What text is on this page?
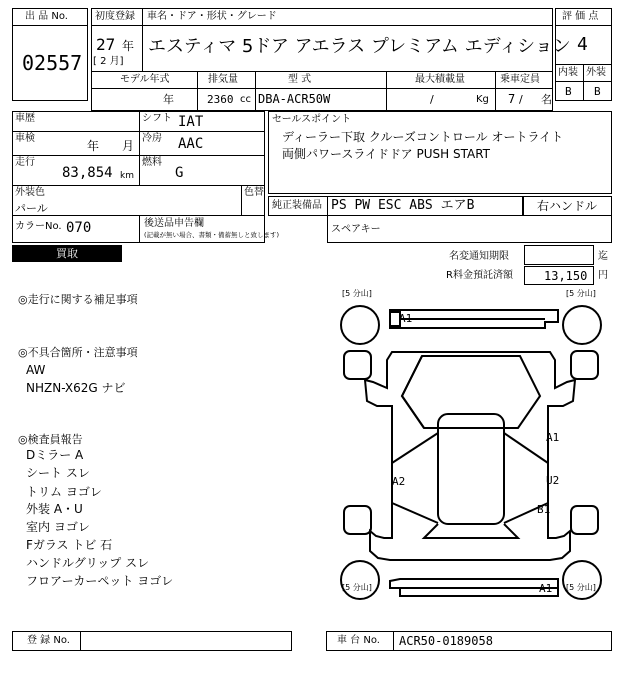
出 品 No.
02557
初度登録 車名・ドア・形状・グレード
27 年
[ 2 月]
エスティマ 5ドア アエラス プレミアム エディション
モデル年式	排気量	型 式	最大積載量	乗車定員
年	2360 cc DBA-ACR50W	/	Kg 7 / 名
評 価 点
4
内装 外装
B B
車歴
車検
年 月
走行
83,854 km
シフト IAT
冷房 AAC
燃料
G
外装色
パール
色替
カラーNo. 070	後送品申告欄
(記載が無い場合、書類・備蓄無しと致します)
セールスポイント
ディーラー下取 クルーズコントロール オートライト
両側パワースライドドア PUSH START
純正装備品 PS PW ESC ABS エアB	右ハンドル
スペアキー
買取	名変通知期限	迄
R料金預託済額	13,150 円
◎走行に関する補足事項
◎不具合箇所・注意事項
AW
NHZN-X62G ナビ
◎検査員報告
Dミラー A
シート スレ
トリム ヨゴレ
外装 A・U
室内 ヨゴレ
Fガラス トビ 石
ハンドルグリップ スレ
フロアーカーペット ヨゴレ
[5 分山]	[5 分山]
[5 分山]	[5 分山]
A1
A1
U2
A2
B1
A1
登 録 No.	車 台 No. ACR50-0189058
